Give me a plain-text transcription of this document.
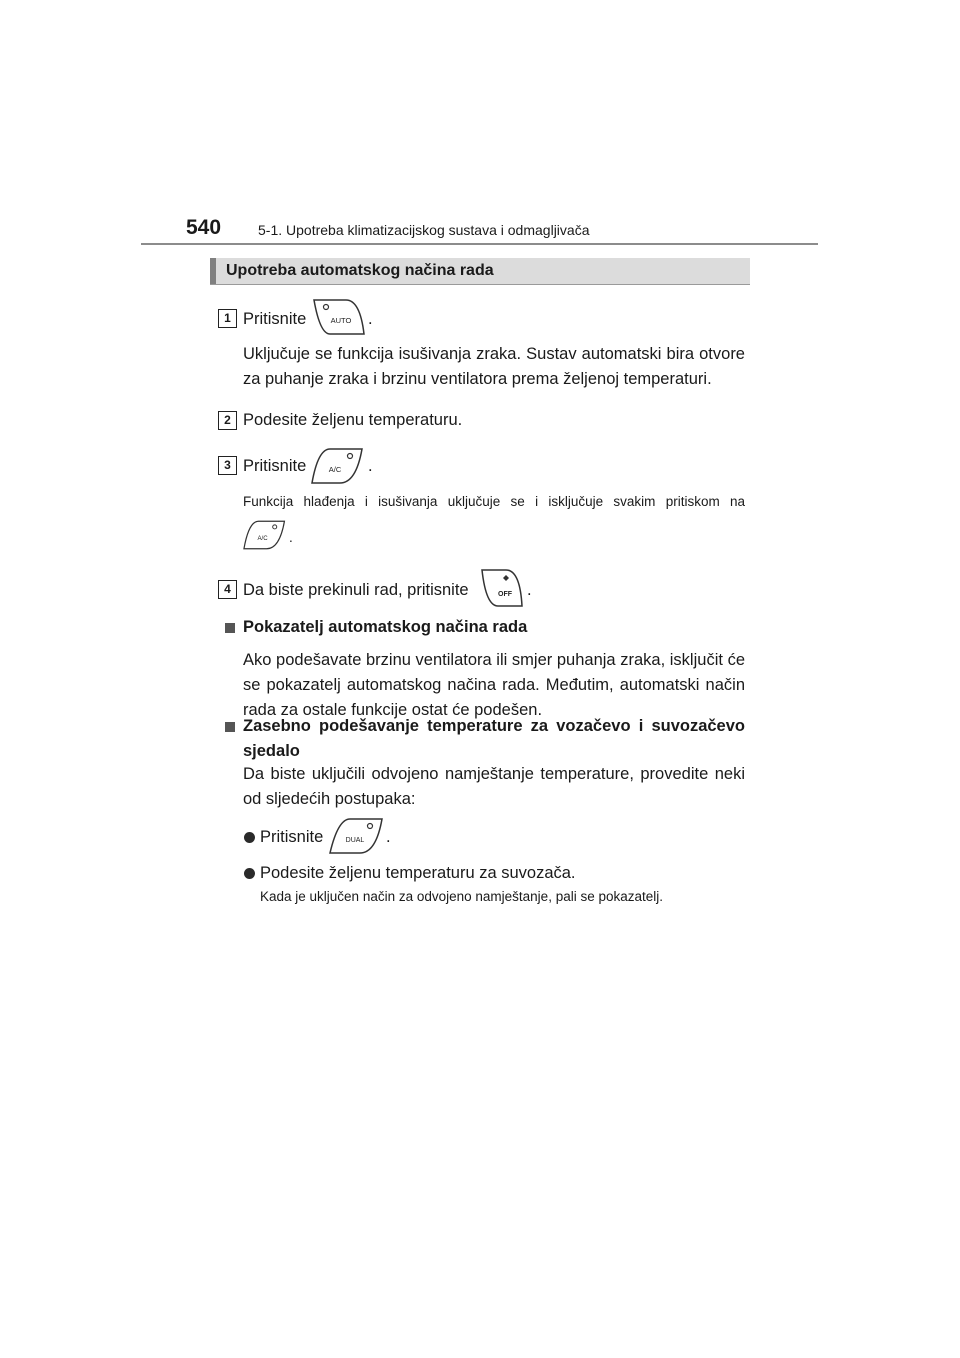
540	5-1. Upotreba klimatizacijskog sustava i odmagljivača
Upotreba automatskog načina rada
1 Pritisnite	AUTO .
Uključuje se funkcija isušivanja zraka. Sustav automatski bira otvore za puhanje zraka i brzinu ventilatora prema željenoj temperaturi.
2 Podesite željenu temperaturu.
3 Pritisnite	A/C .
Funkcija hlađenja i isušivanja uključuje se i isključuje svakim pritiskom na
A/C .
4 Da biste prekinuli rad, pritisnite	OFF .
Pokazatelj automatskog načina rada
Ako podešavate brzinu ventilatora ili smjer puhanja zraka, isključit će se pokazatelj automatskog načina rada. Međutim, automatski način rada za ostale funkcije ostat će podešen.
Zasebno podešavanje temperature za vozačevo i suvozačevo sjedalo
Da biste uključili odvojeno namještanje temperature, provedite neki od sljedećih postupaka:
Pritisnite	DUAL .
Podesite željenu temperaturu za suvozača.
Kada je uključen način za odvojeno namještanje, pali se pokazatelj.
